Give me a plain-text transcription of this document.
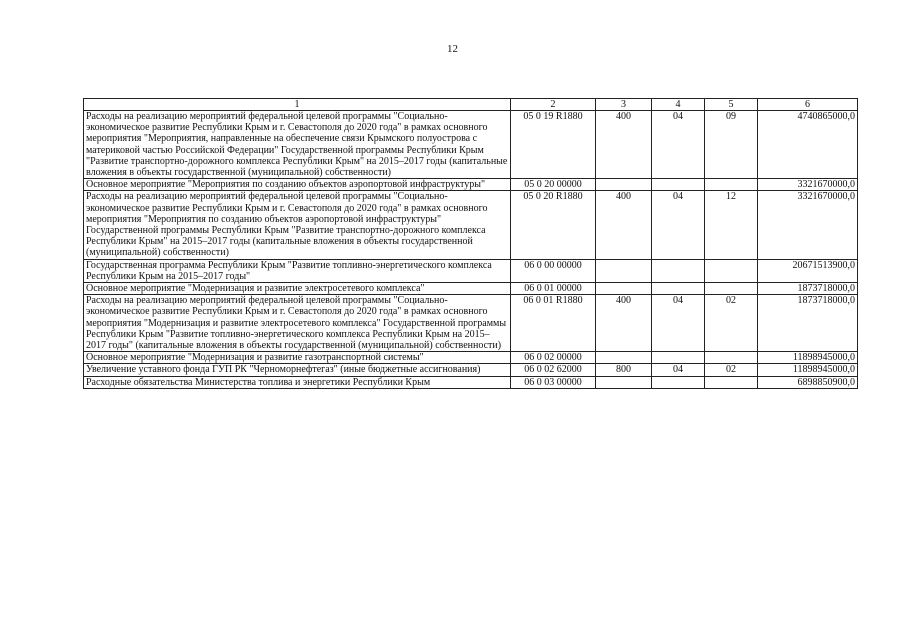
12
1	2	3	4	5	6
Расходы на реализацию мероприятий федеральной целевой программы "Социально-экономическое развитие Республики Крым и г. Севастополя до 2020 года" в рамках основного мероприятия "Мероприятия, направленные на обеспечение связи Крымского полуострова с материковой частью Российской Федерации" Государственной программы Республики Крым "Развитие транспортно-дорожного комплекса Республики Крым" на 2015–2017 годы (капитальные вложения в объекты государственной (муниципальной) собственности)	05 0 19 R1880	400	04	09	4740865000,0
Основное мероприятие "Мероприятия по созданию объектов аэропортовой инфраструктуры"	05 0 20 00000				3321670000,0
Расходы на реализацию мероприятий федеральной целевой программы "Социально-экономическое развитие Республики Крым и г. Севастополя до 2020 года" в рамках основного мероприятия "Мероприятия по созданию объектов аэропортовой инфраструктуры" Государственной программы Республики Крым "Развитие транспортно-дорожного комплекса Республики Крым" на 2015–2017 годы (капитальные вложения в объекты государственной (муниципальной) собственности)	05 0 20 R1880	400	04	12	3321670000,0
Государственная программа Республики Крым "Развитие топливно-энергетического комплекса Республики Крым на 2015–2017 годы"	06 0 00 00000				20671513900,0
Основное мероприятие "Модернизация и развитие электросетевого комплекса"	06 0 01 00000				1873718000,0
Расходы на реализацию мероприятий федеральной целевой программы "Социально-экономическое развитие Республики Крым и г. Севастополя до 2020 года" в рамках основного мероприятия "Модернизация и развитие электросетевого комплекса" Государственной программы Республики Крым "Развитие топливно-энергетического комплекса Республики Крым на 2015–2017 годы" (капитальные вложения в объекты государственной (муниципальной) собственности)	06 0 01 R1880	400	04	02	1873718000,0
Основное мероприятие "Модернизация и развитие газотранспортной системы"	06 0 02 00000				11898945000,0
Увеличение уставного фонда ГУП РК "Черноморнефтегаз" (иные бюджетные ассигнования)	06 0 02 62000	800	04	02	11898945000,0
Расходные обязательства Министерства топлива и энергетики Республики Крым	06 0 03 00000				6898850900,0
